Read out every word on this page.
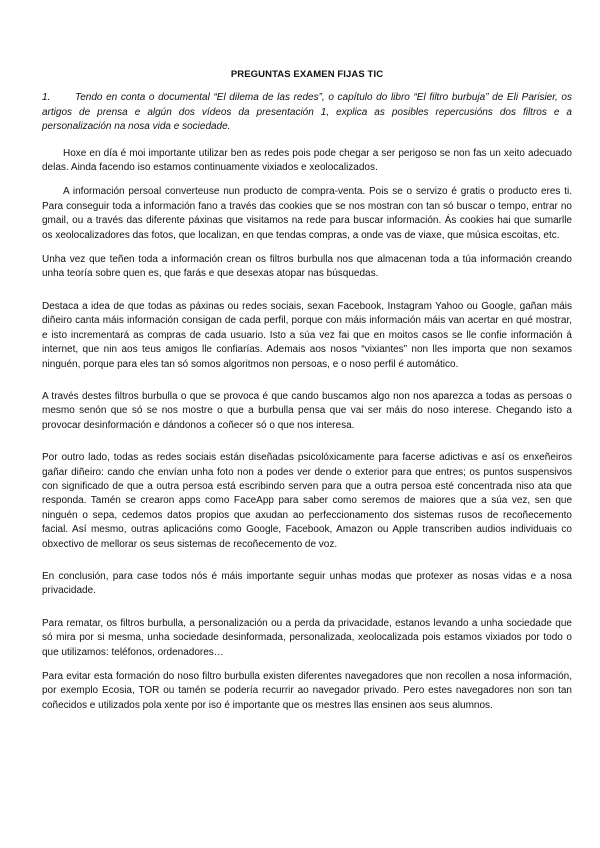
PREGUNTAS EXAMEN FIJAS TIC
1. Tendo en conta o documental “El dilema de las redes”, o capítulo do libro “El filtro burbuja” de Eli Parisier, os artigos de prensa e algún dos vídeos da presentación 1, explica as posibles repercusións dos filtros e a personalización na nosa vida e sociedade.

Hoxe en día é moi importante utilizar ben as redes pois pode chegar a ser perigoso se non fas un xeito adecuado delas. Ainda facendo iso estamos continuamente vixiados e xeolocalizados.

A información persoal converteuse nun producto de compra-venta. Pois se o servizo é gratis o producto eres ti. Para conseguir toda a información fano a través das cookies que se nos mostran con tan só buscar o tempo, entrar no gmail, ou a través das diferente páxinas que visitamos na rede para buscar información. Ás cookies hai que sumarlle os xeolocalizadores das fotos, que localizan, en que tendas compras, a onde vas de viaxe, que música escoitas, etc.

Unha vez que teñen toda a información crean os filtros burbulla nos que almacenan toda a túa información creando unha teoría sobre quen es, que farás e que desexas atopar nas búsquedas.

Destaca a idea de que todas as páxinas ou redes sociais, sexan Facebook, Instagram Yahoo ou Google, gañan máis diñeiro canta máis información consigan de cada perfil, porque con máis información máis van acertar en qué mostrar, e isto incrementará as compras de cada usuario. Isto a súa vez fai que en moitos casos se lle confie información á internet, que nin aos teus amigos lle confiarías. Ademais aos nosos “vixiantes” non lles importa que non sexamos ninguén, porque para eles tan só somos algoritmos non persoas, e o noso perfil é automático.

A través destes filtros burbulla o que se provoca é que cando buscamos algo non nos aparezca a todas as persoas o mesmo senón que só se nos mostre o que a burbulla pensa que vai ser máis do noso interese. Chegando isto a provocar desinformación e dándonos a coñecer só o que nos interesa.

Por outro lado, todas as redes sociais están diseñadas psicolóxicamente para facerse adictivas e así os enxeñeiros gañar diñeiro: cando che envían unha foto non a podes ver dende o exterior para que entres; os puntos suspensivos con significado de que a outra persoa está escribindo serven para que a outra persoa esté concentrada niso ata que responda. Tamén se crearon apps como FaceApp para saber como seremos de maiores que a súa vez, sen que ninguén o sepa, cedemos datos propios que axudan ao perfeccionamento dos sistemas rusos de recoñecemento facial. Así mesmo, outras aplicacións como Google, Facebook, Amazon ou Apple transcriben audios individuais co obxectivo de mellorar os seus sistemas de recoñecemento de voz.

En conclusión, para case todos nós é máis importante seguir unhas modas que protexer as nosas vidas e a nosa privacidade.

Para rematar, os filtros burbulla, a personalización ou a perda da privacidade, estanos levando a unha sociedade que só mira por si mesma, unha sociedade desinformada, personalizada, xeolocalizada pois estamos vixiados por todo o que utilizamos: teléfonos, ordenadores…

Para evitar esta formación do noso filtro burbulla existen diferentes navegadores que non recollen a nosa información, por exemplo Ecosia, TOR ou tamén se podería recurrir ao navegador privado. Pero estes navegadores non son tan coñecidos e utilizados pola xente por iso é importante que os mestres llas ensinen aos seus alumnos.
